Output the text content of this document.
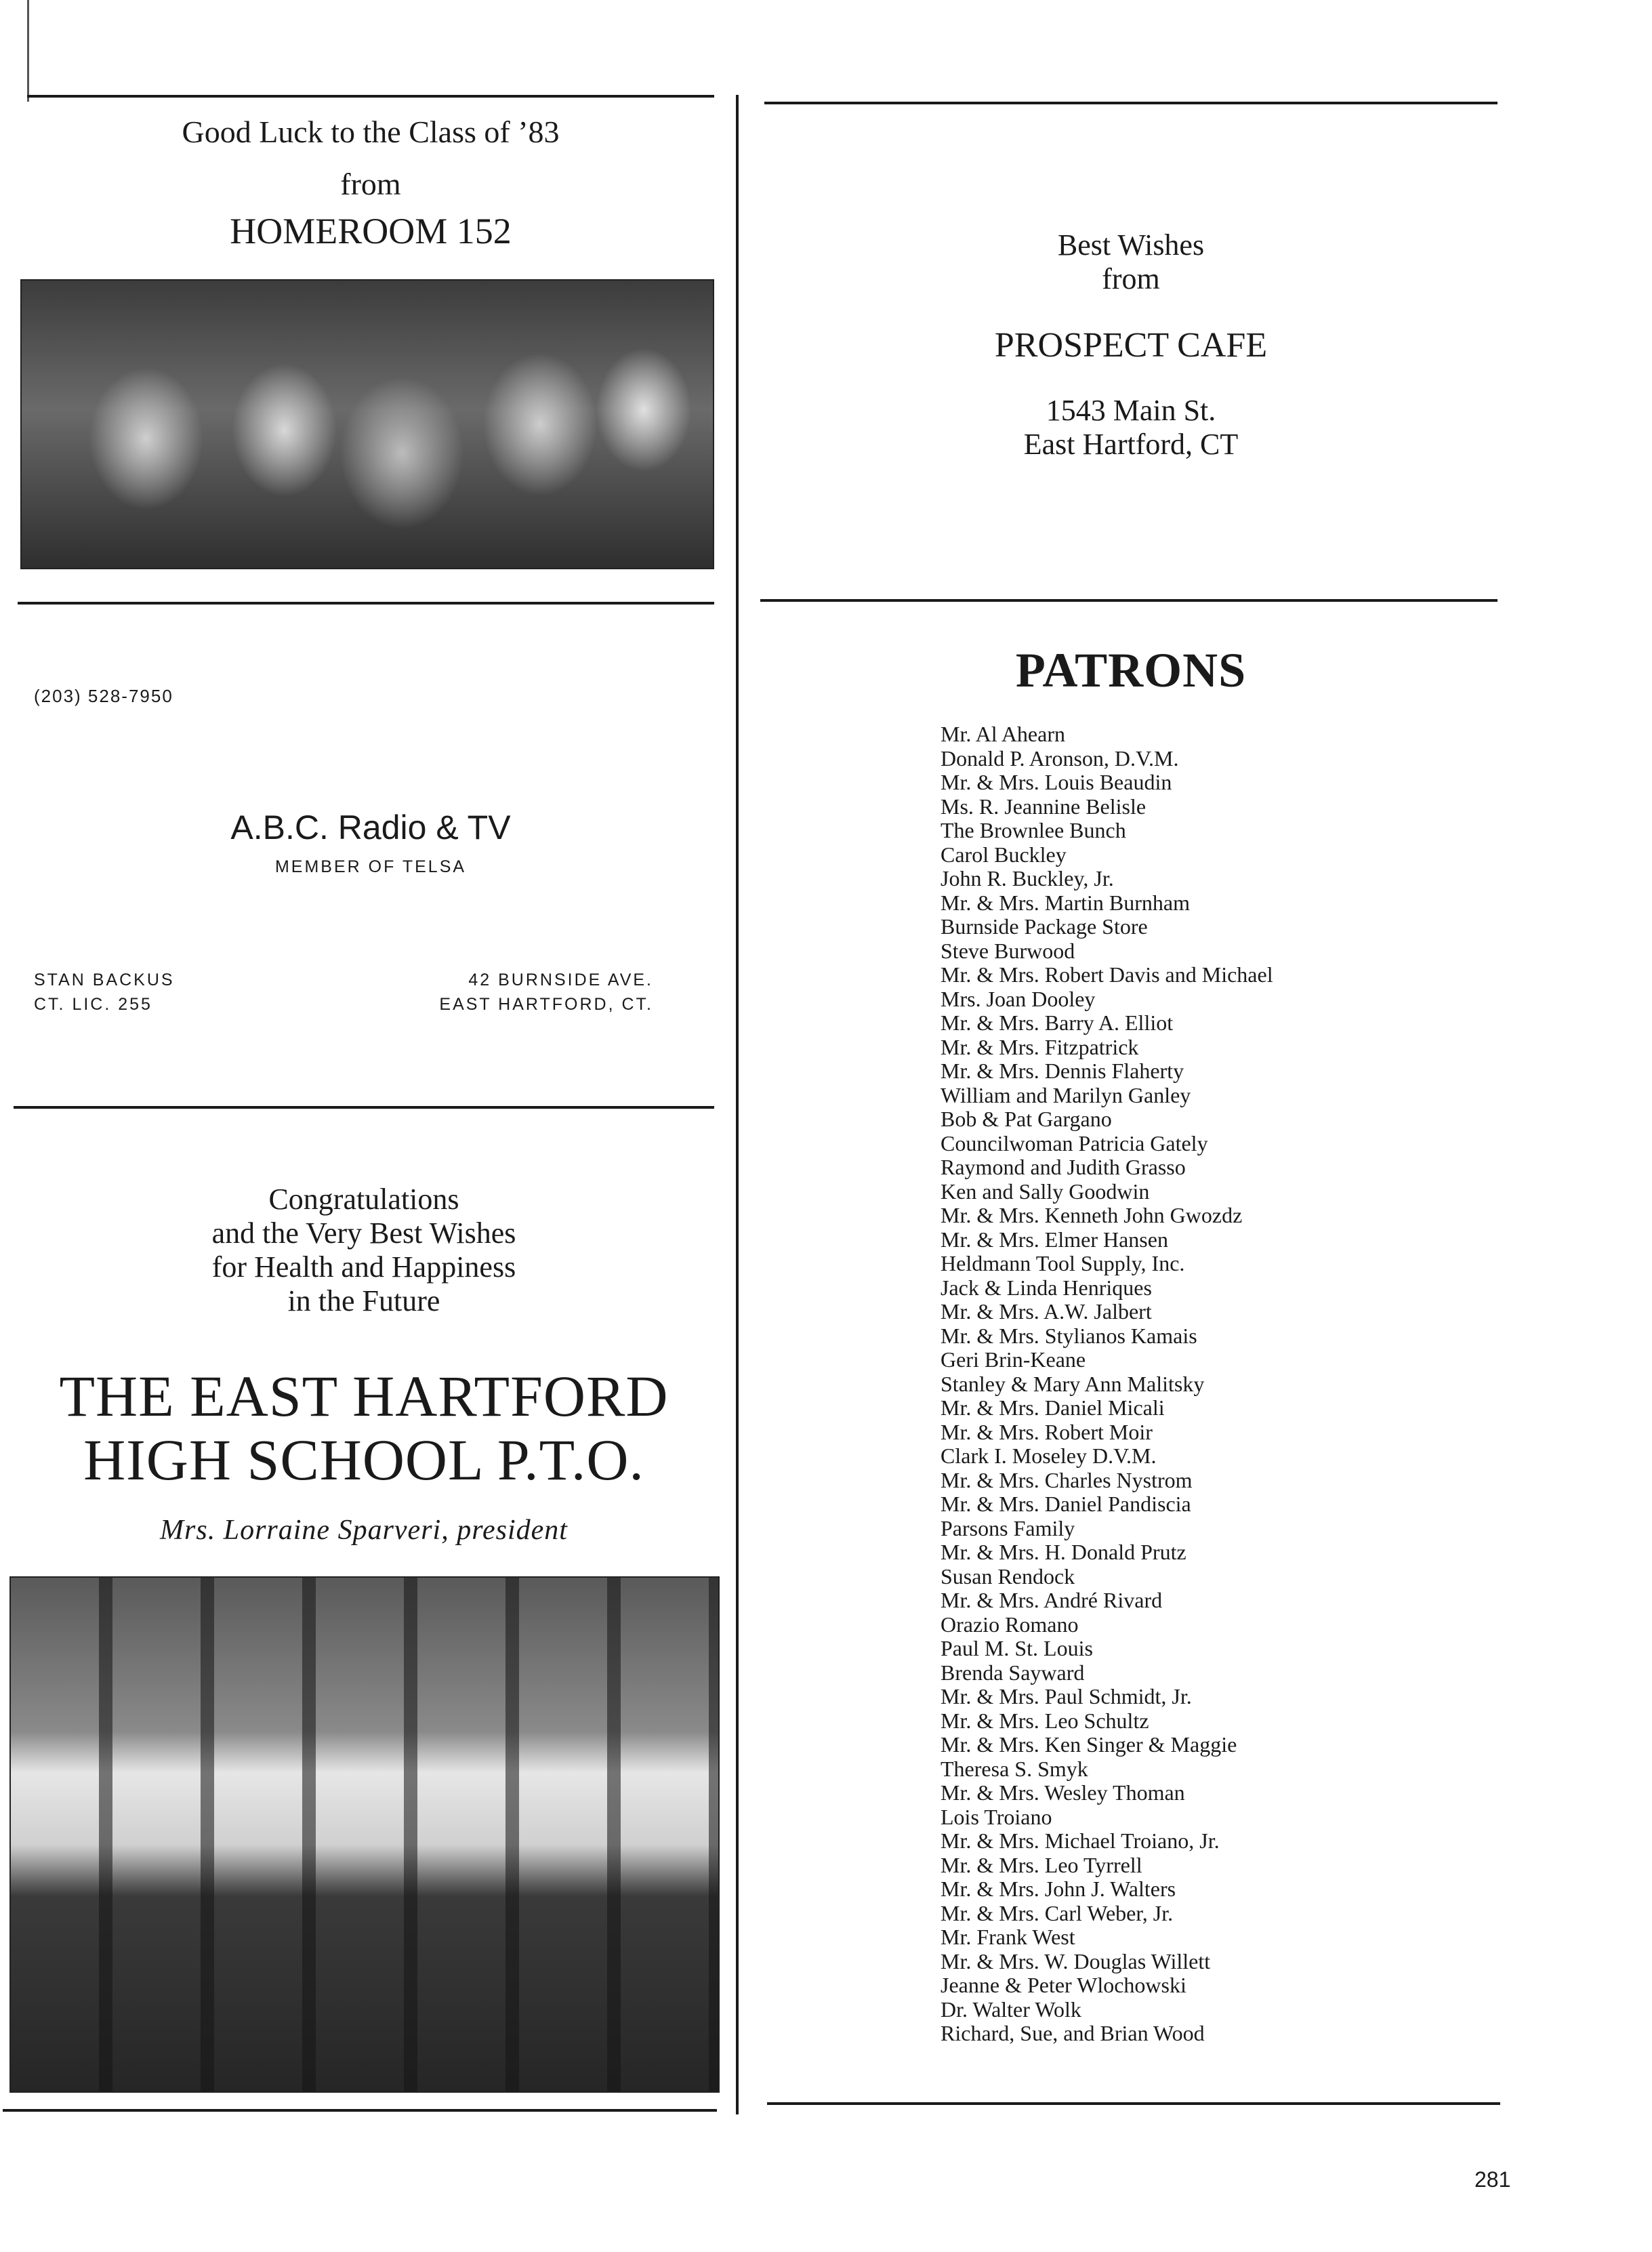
Good Luck to the Class of ’83
from
HOMEROOM 152	Best Wishes
from
PROSPECT CAFE
1543 Main St.
East Hartford, CT
(203) 528-7950
A.B.C. Radio & TV
MEMBER OF TELSA
STAN BACKUS
CT. LIC. 255
42 BURNSIDE AVE.
EAST HARTFORD, CT.
Congratulations
and the Very Best Wishes
for Health and Happiness
in the Future
THE EAST HARTFORD
HIGH SCHOOL P.T.O.
Mrs. Lorraine Sparveri, president
PATRONS
Mr. Al Ahearn
Donald P. Aronson, D.V.M.
Mr. & Mrs. Louis Beaudin
Ms. R. Jeannine Belisle
The Brownlee Bunch
Carol Buckley
John R. Buckley, Jr.
Mr. & Mrs. Martin Burnham
Burnside Package Store
Steve Burwood
Mr. & Mrs. Robert Davis and Michael
Mrs. Joan Dooley
Mr. & Mrs. Barry A. Elliot
Mr. & Mrs. Fitzpatrick
Mr. & Mrs. Dennis Flaherty
William and Marilyn Ganley
Bob & Pat Gargano
Councilwoman Patricia Gately
Raymond and Judith Grasso
Ken and Sally Goodwin
Mr. & Mrs. Kenneth John Gwozdz
Mr. & Mrs. Elmer Hansen
Heldmann Tool Supply, Inc.
Jack & Linda Henriques
Mr. & Mrs. A.W. Jalbert
Mr. & Mrs. Stylianos Kamais
Geri Brin-Keane
Stanley & Mary Ann Malitsky
Mr. & Mrs. Daniel Micali
Mr. & Mrs. Robert Moir
Clark I. Moseley D.V.M.
Mr. & Mrs. Charles Nystrom
Mr. & Mrs. Daniel Pandiscia
Parsons Family
Mr. & Mrs. H. Donald Prutz
Susan Rendock
Mr. & Mrs. André Rivard
Orazio Romano
Paul M. St. Louis
Brenda Sayward
Mr. & Mrs. Paul Schmidt, Jr.
Mr. & Mrs. Leo Schultz
Mr. & Mrs. Ken Singer & Maggie
Theresa S. Smyk
Mr. & Mrs. Wesley Thoman
Lois Troiano
Mr. & Mrs. Michael Troiano, Jr.
Mr. & Mrs. Leo Tyrrell
Mr. & Mrs. John J. Walters
Mr. & Mrs. Carl Weber, Jr.
Mr. Frank West
Mr. & Mrs. W. Douglas Willett
Jeanne & Peter Wlochowski
Dr. Walter Wolk
Richard, Sue, and Brian Wood
281
